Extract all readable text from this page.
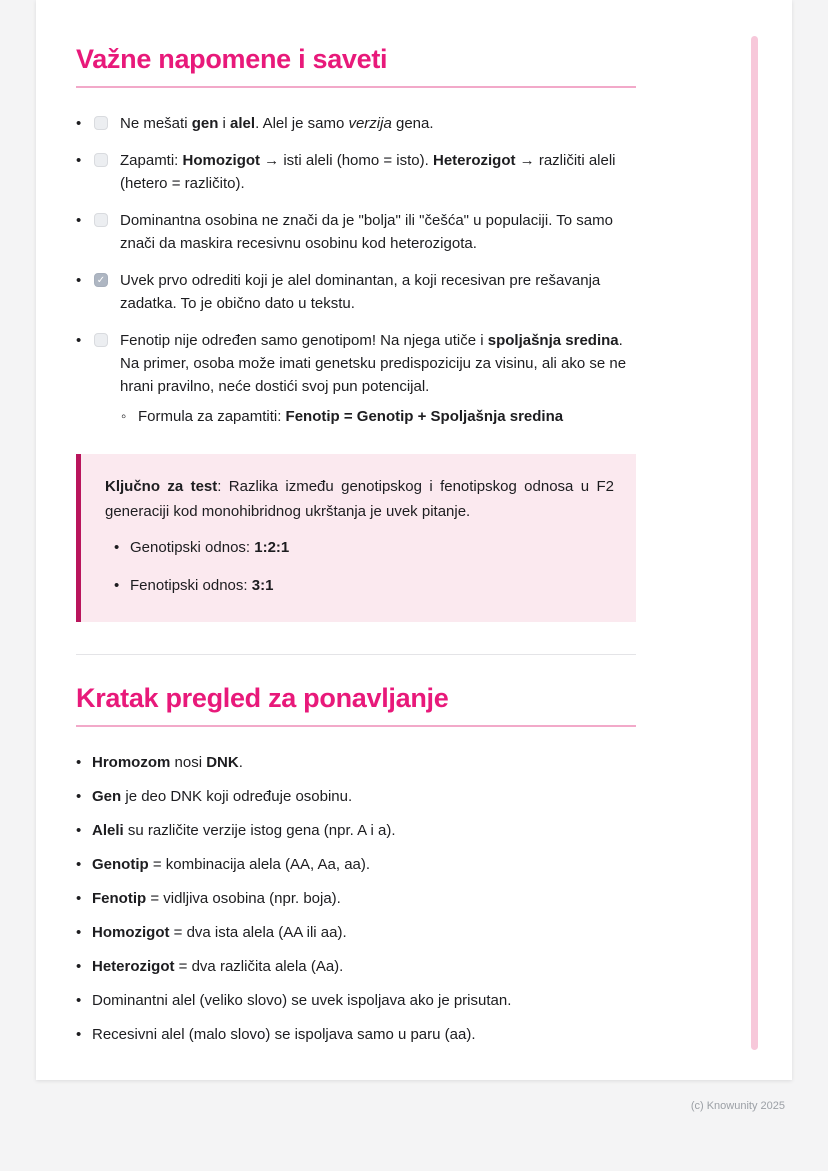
Važne napomene i saveti
•

Ne mešati gen i alel. Alel je samo verzija gena.

•

Zapamti: Homozigot → isti aleli (homo = isto). Heterozigot → različiti aleli (hetero = različito).

•

Dominantna osobina ne znači da je "bolja" ili "češća" u populaciji. To samo znači da maskira recesivnu osobinu kod heterozigota.

•
✓

Uvek prvo odrediti koji je alel dominantan, a koji recesivan pre rešavanja zadatka. To je obično dato u tekstu.

•

Fenotip nije određen samo genotipom! Na njega utiče i spoljašnja sredina. Na primer, osoba može imati genetsku predispoziciju za visinu, ali ako se ne hrani pravilno, neće dostići svoj pun potencijal.

◦

Formula za zapamtiti: Fenotip = Genotip + Spoljašnja sredina

Ključno za test: Razlika između genotipskog i fenotipskog odnosa u F2 generaciji kod monohibridnog ukrštanja je uvek pitanje.

•

Genotipski odnos: 1:2:1

•

Fenotipski odnos: 3:1

Kratak pregled za ponavljanje
•

Hromozom nosi DNK.

•

Gen je deo DNK koji određuje osobinu.

•

Aleli su različite verzije istog gena (npr. A i a).

•

Genotip = kombinacija alela (AA, Aa, aa).

•

Fenotip = vidljiva osobina (npr. boja).

•

Homozigot = dva ista alela (AA ili aa).

•

Heterozigot = dva različita alela (Aa).

•

Dominantni alel (veliko slovo) se uvek ispoljava ako je prisutan.

•

Recesivni alel (malo slovo) se ispoljava samo u paru (aa).

(c) Knowunity 2025
